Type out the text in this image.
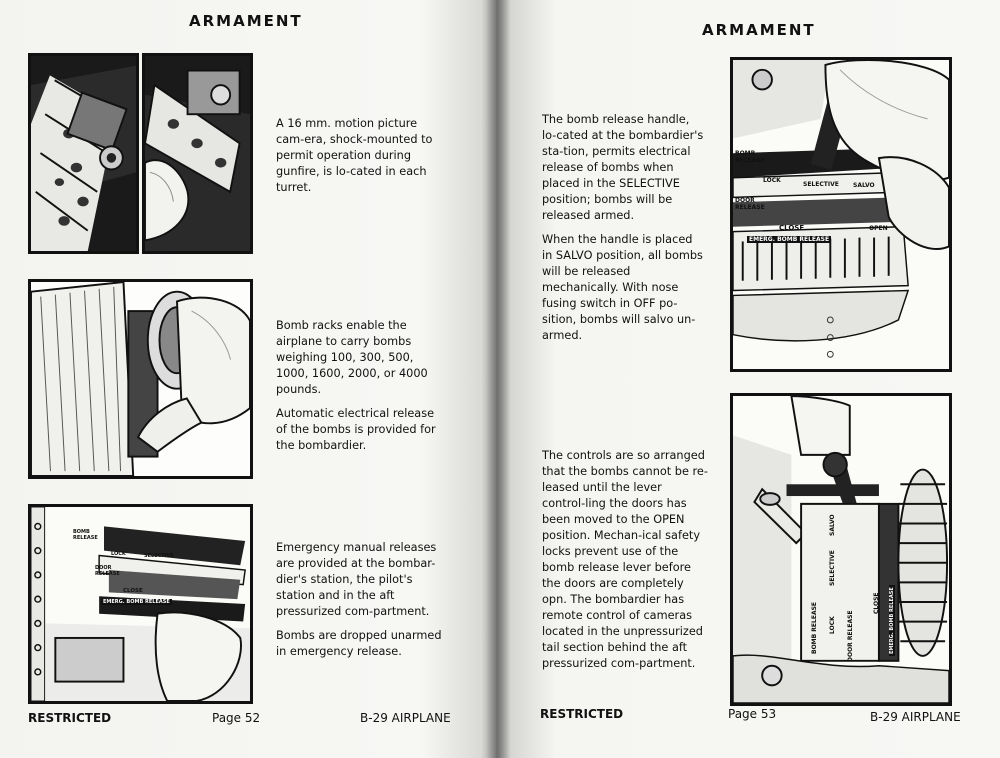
ARMAMENT

A 16 mm. motion picture cam-era, shock-mounted to permit operation during gunfire, is lo-cated in each turret.

Bomb racks enable the airplane to carry bombs weighing 100, 300, 500, 1000, 1600, 2000, or 4000 pounds.

Automatic electrical release of the bombs is provided for the bombardier.

BOMB RELEASE
LOCK	SELECTIVE
DOOR RELEASE
CLOSE
EMERG. BOMB RELEASE

Emergency manual releases are provided at the bombar-dier's station, the pilot's station and in the aft pressurized com-partment.

Bombs are dropped unarmed in emergency release.

RESTRICTED	Page 52	B-29 AIRPLANE
ARMAMENT

The bomb release handle, lo-cated at the bombardier's sta-tion, permits electrical release of bombs when placed in the SELECTIVE position; bombs will be released armed.

When the handle is placed in SALVO position, all bombs will be released mechanically. With nose fusing switch in OFF po-sition, bombs will salvo un-armed.

BOMB
RELEASE
LOCK
SELECTIVE SALVO
DOOR RELEASE
CLOSE	OPEN
EMERG. BOMB RELEASE

The controls are so arranged that the bombs cannot be re-leased until the lever control-ling the doors has been moved to the OPEN position. Mechan-ical safety locks prevent use of the bomb release lever before the doors are completely opn. The bombardier has remote control of cameras located in the unpressurized tail section behind the aft pressurized com-partment.

BOMB RELEASE LOCK
SELECTIVE
SALVO
DOOR RELEASE
CLOSE EMERG. BOMB RELEASE
RESTRICTED	Page 53	B-29 AIRPLANE
